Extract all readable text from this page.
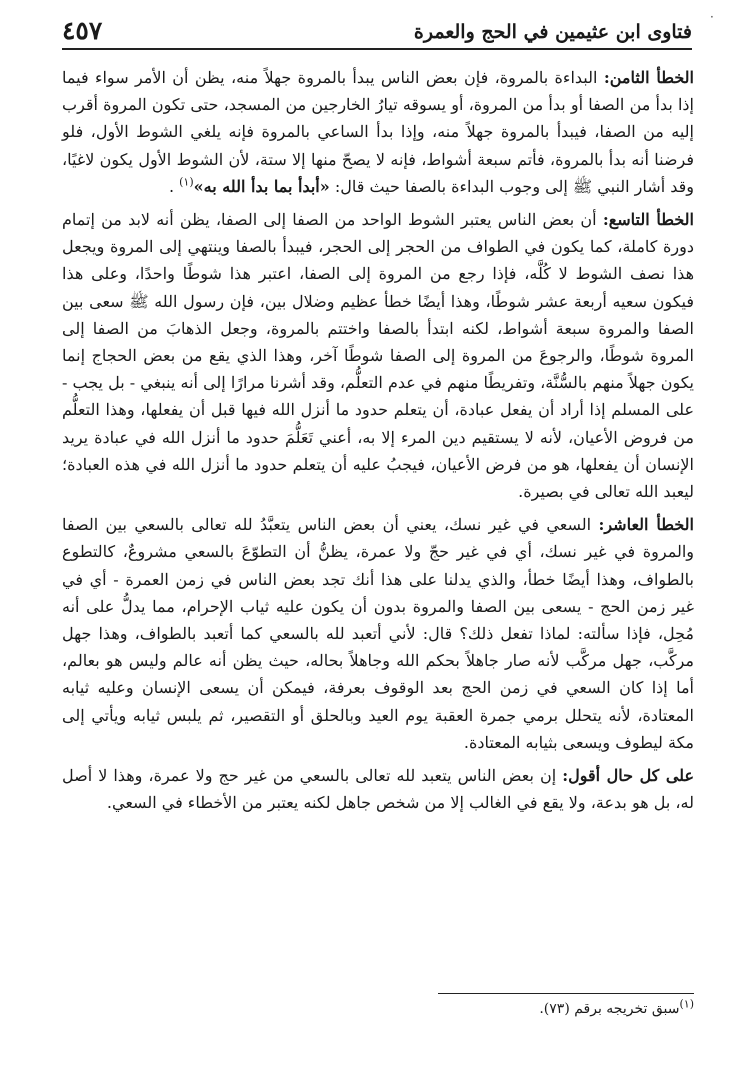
·
فتاوى ابن عثيمين في الحج والعمرة
٤٥٧

الخطأ الثامن: البداءة بالمروة، فإن بعض الناس يبدأ بالمروة جهلاً منه، يظن أن الأمر سواء فيما إذا بدأ من الصفا أو بدأ من المروة، أو يسوقه تيارُ الخارجين من المسجد، حتى تكون المروة أقرب إليه من الصفا، فيبدأ بالمروة جهلاً منه، وإذا بدأ الساعي بالمروة فإنه يلغي الشوط الأول، فلو فرضنا أنه بدأ بالمروة، فأتم سبعة أشواط، فإنه لا يصحّ منها إلا ستة، لأن الشوط الأول يكون لاغيًا، وقد أشار النبي ﷺ إلى وجوب البداءة بالصفا حيث قال: «أبدأ بما بدأ الله به»$^{(١)}$ .

الخطأ التاسع: أن بعض الناس يعتبر الشوط الواحد من الصفا إلى الصفا، يظن أنه لابد من إتمام دورة كاملة، كما يكون في الطواف من الحجر إلى الحجر، فيبدأ بالصفا وينتهي إلى المروة ويجعل هذا نصف الشوط لا كُلَّه، فإذا رجع من المروة إلى الصفا، اعتبر هذا شوطًا واحدًا، وعلى هذا فيكون سعيه أربعة عشر شوطًا، وهذا أيضًا خطأ عظيم وضلال بين، فإن رسول الله ﷺ سعى بين الصفا والمروة سبعة أشواط، لكنه ابتدأ بالصفا واختتم بالمروة، وجعل الذهابَ من الصفا إلى المروة شوطًا، والرجوعَ من المروة إلى الصفا شوطًا آخر، وهذا الذي يقع من بعض الحجاج إنما يكون جهلاً منهم بالسُّنَّة، وتفريطًا منهم في عدم التعلُّم، وقد أشرنا مرارًا إلى أنه ينبغي - بل يجب - على المسلم إذا أراد أن يفعل عبادة، أن يتعلم حدود ما أنزل الله فيها قبل أن يفعلها، وهذا التعلُّم من فروض الأعيان، لأنه لا يستقيم دين المرء إلا به، أعني تَعَلُّمَ حدود ما أنزل الله في عبادة يريد الإنسان أن يفعلها، هو من فرض الأعيان، فيجبُ عليه أن يتعلم حدود ما أنزل الله في هذه العبادة؛ ليعبد الله تعالى في بصيرة.

الخطأ العاشر: السعي في غير نسك، يعني أن بعض الناس يتعبَّدُ لله تعالى بالسعي بين الصفا والمروة في غير نسك، أي في غير حجّ ولا عمرة، يظنُّ أن التطوّعَ بالسعي مشروعٌ، كالتطوع بالطواف، وهذا أيضًا خطأ، والذي يدلنا على هذا أنك تجد بعض الناس في زمن العمرة - أي في غير زمن الحج - يسعى بين الصفا والمروة بدون أن يكون عليه ثياب الإحرام، مما يدلُّ على أنه مُحِل، فإذا سألته: لماذا تفعل ذلك؟ قال: لأني أتعبد لله بالسعي كما أتعبد بالطواف، وهذا جهل مركَّب، جهل مركَّب لأنه صار جاهلاً بحكم الله وجاهلاً بحاله، حيث يظن أنه عالم وليس هو بعالم، أما إذا كان السعي في زمن الحج بعد الوقوف بعرفة، فيمكن أن يسعى الإنسان وعليه ثيابه المعتادة، لأنه يتحلل برمي جمرة العقبة يوم العيد وبالحلق أو التقصير، ثم يلبس ثيابه ويأتي إلى مكة ليطوف ويسعى بثيابه المعتادة.

على كل حال أقول: إن بعض الناس يتعبد لله تعالى بالسعي من غير حج ولا عمرة، وهذا لا أصل له، بل هو بدعة، ولا يقع في الغالب إلا من شخص جاهل لكنه يعتبر من الأخطاء في السعي.

$^{(١)}$سبق تخريجه برقم (٧٣).
